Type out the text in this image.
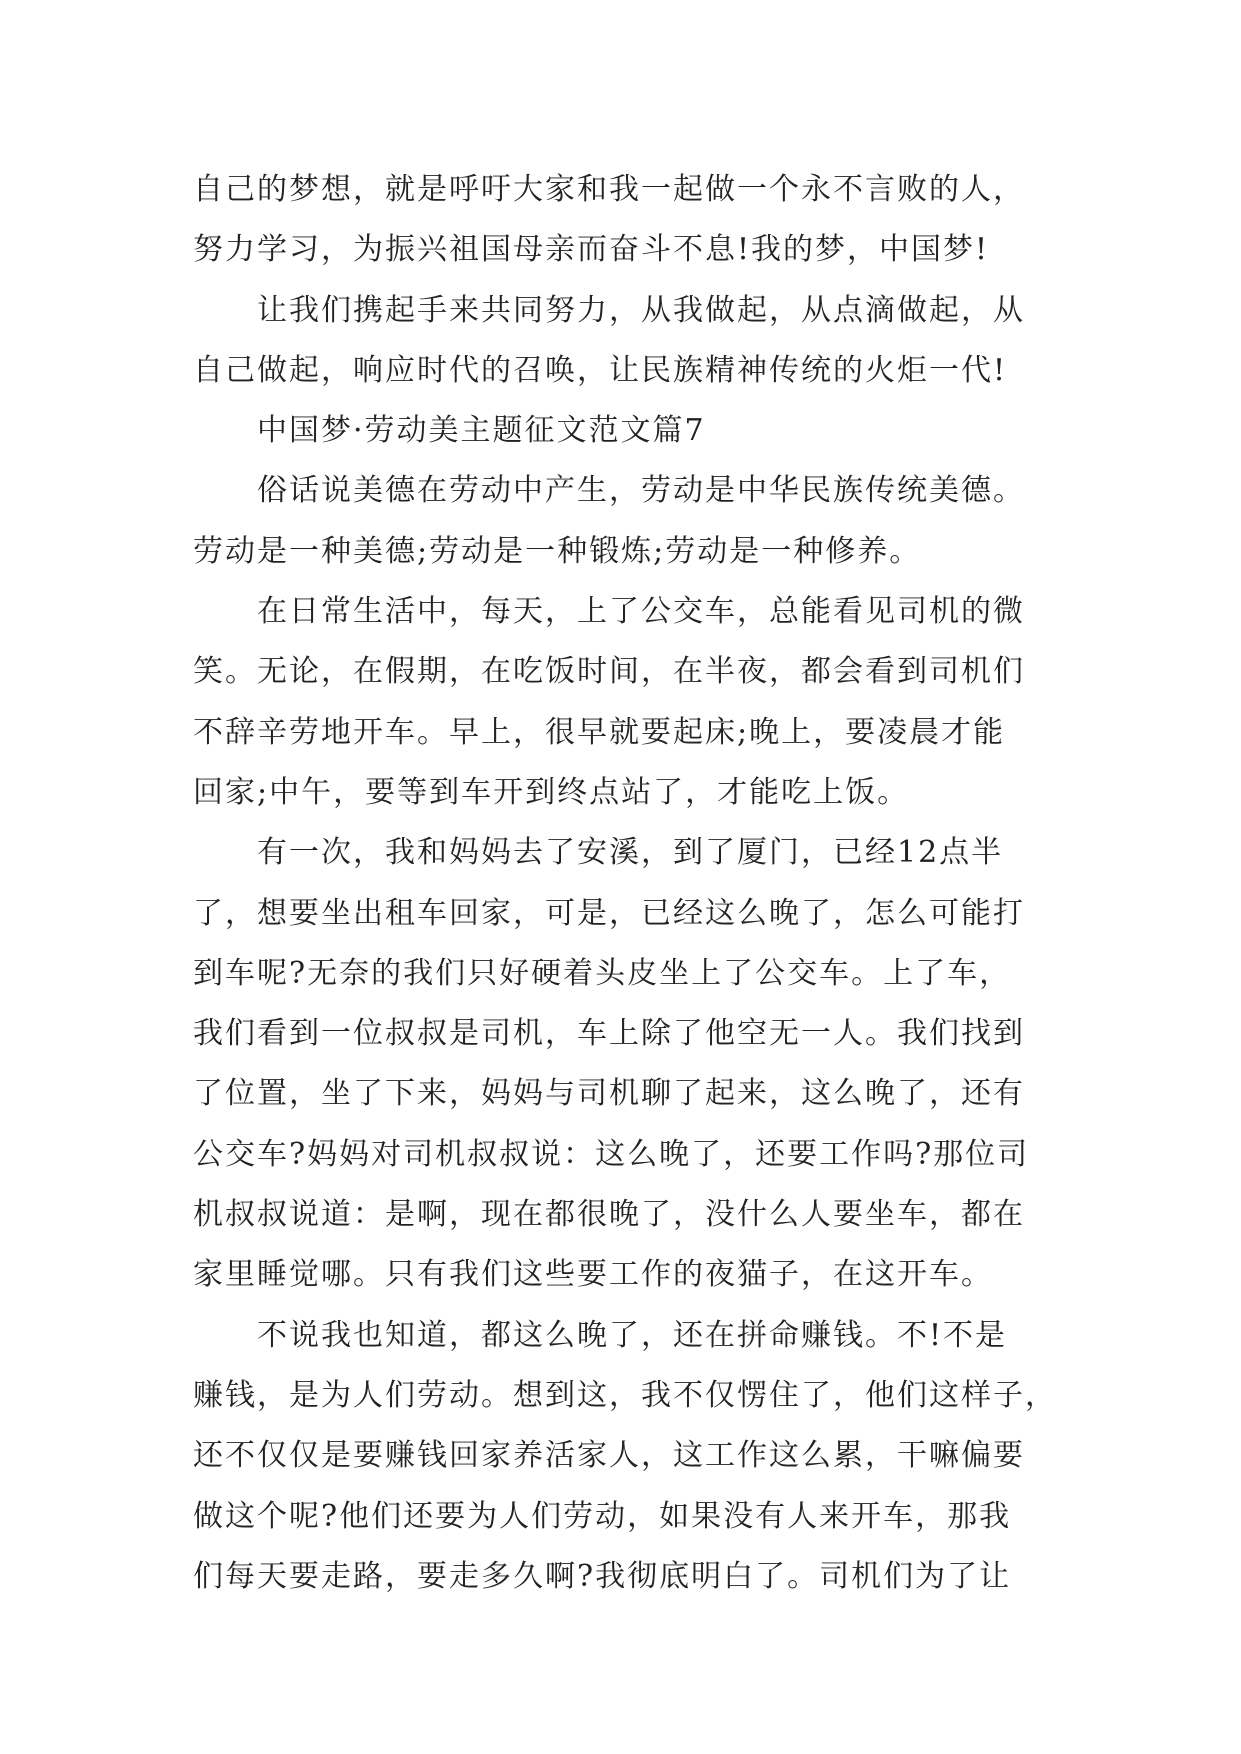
自己的梦想，就是呼吁大家和我一起做一个永不言败的人，
努力学习，为振兴祖国母亲而奋斗不息!我的梦，中国梦!
让我们携起手来共同努力，从我做起，从点滴做起，从
自己做起，响应时代的召唤，让民族精神传统的火炬一代!
中国梦·劳动美主题征文范文篇7
俗话说美德在劳动中产生，劳动是中华民族传统美德。
劳动是一种美德;劳动是一种锻炼;劳动是一种修养。
在日常生活中，每天，上了公交车，总能看见司机的微
笑。无论，在假期，在吃饭时间，在半夜，都会看到司机们
不辞辛劳地开车。早上，很早就要起床;晚上，要凌晨才能
回家;中午，要等到车开到终点站了，才能吃上饭。
有一次，我和妈妈去了安溪，到了厦门，已经12点半
了，想要坐出租车回家，可是，已经这么晚了，怎么可能打
到车呢?无奈的我们只好硬着头皮坐上了公交车。上了车，
我们看到一位叔叔是司机，车上除了他空无一人。我们找到
了位置，坐了下来，妈妈与司机聊了起来，这么晚了，还有
公交车?妈妈对司机叔叔说：这么晚了，还要工作吗?那位司
机叔叔说道：是啊，现在都很晚了，没什么人要坐车，都在
家里睡觉哪。只有我们这些要工作的夜猫子，在这开车。
不说我也知道，都这么晚了，还在拼命赚钱。不!不是
赚钱，是为人们劳动。想到这，我不仅愣住了，他们这样子，
还不仅仅是要赚钱回家养活家人，这工作这么累，干嘛偏要
做这个呢?他们还要为人们劳动，如果没有人来开车，那我
们每天要走路，要走多久啊?我彻底明白了。司机们为了让
